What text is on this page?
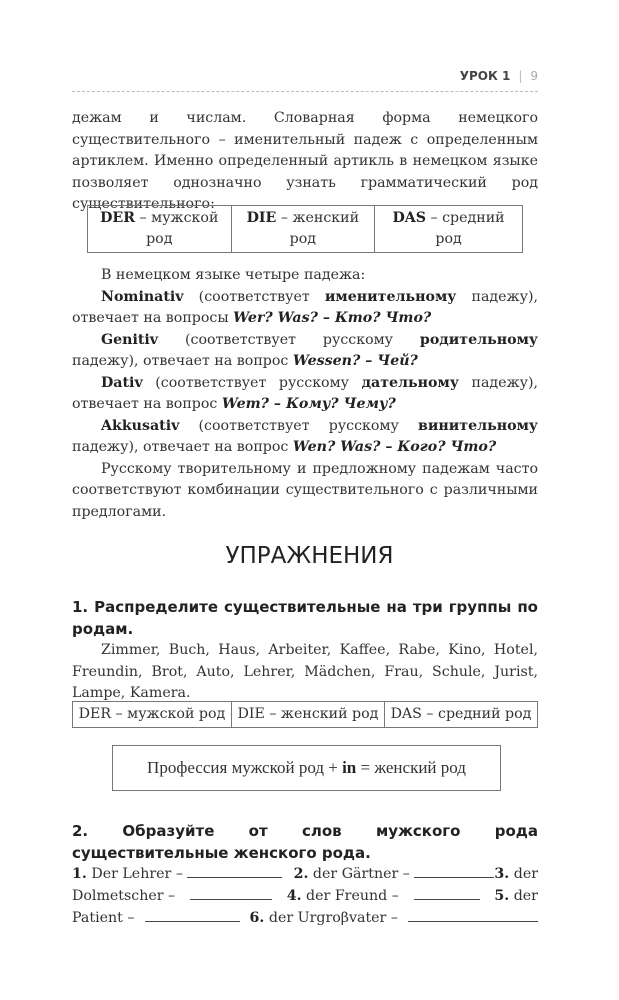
УРОК 1 | 9

дежам и числам. Словарная форма немецкого существительного – именительный падеж с определенным артиклем. Именно определенный артикль в немецком языке позволяет однозначно узнать грамматический род существительного:

DER – мужской род	DIE – женский род	DAS – средний род

В немецком языке четыре падежа:

Nominativ (соответствует именительному падежу), отвечает на вопросы Wer? Was? – Кто? Что?

Genitiv (соответствует русскому родительному падежу), отвечает на вопрос Wessen? – Чей?

Dativ (соответствует русскому дательному падежу), отвечает на вопрос Wem? – Кому? Чему?

Akkusativ (соответствует русскому винительному падежу), отвечает на вопрос Wen? Was? – Кого? Что?

Русскому творительному и предложному падежам часто соответствуют комбинации существительного с различными предлогами.

УПРАЖНЕНИЯ

1. Распределите существительные на три группы по родам.

Zimmer, Buch, Haus, Arbeiter, Kaffee, Rabe, Kino, Hotel, Freundin, Brot, Auto, Lehrer, Mädchen, Frau, Schule, Jurist, Lampe, Kamera.

DER – мужской род	DIE – женский род	DAS – средний род
Профессия мужской род + in = женский род

2. Образуйте от слов мужского рода существительные женского рода.

1. Der Lehrer –	2. der Gärtner –	3. der
Dolmetscher –	4. der Freund –	5. der
Patient –	6. der Urgroβvater –
